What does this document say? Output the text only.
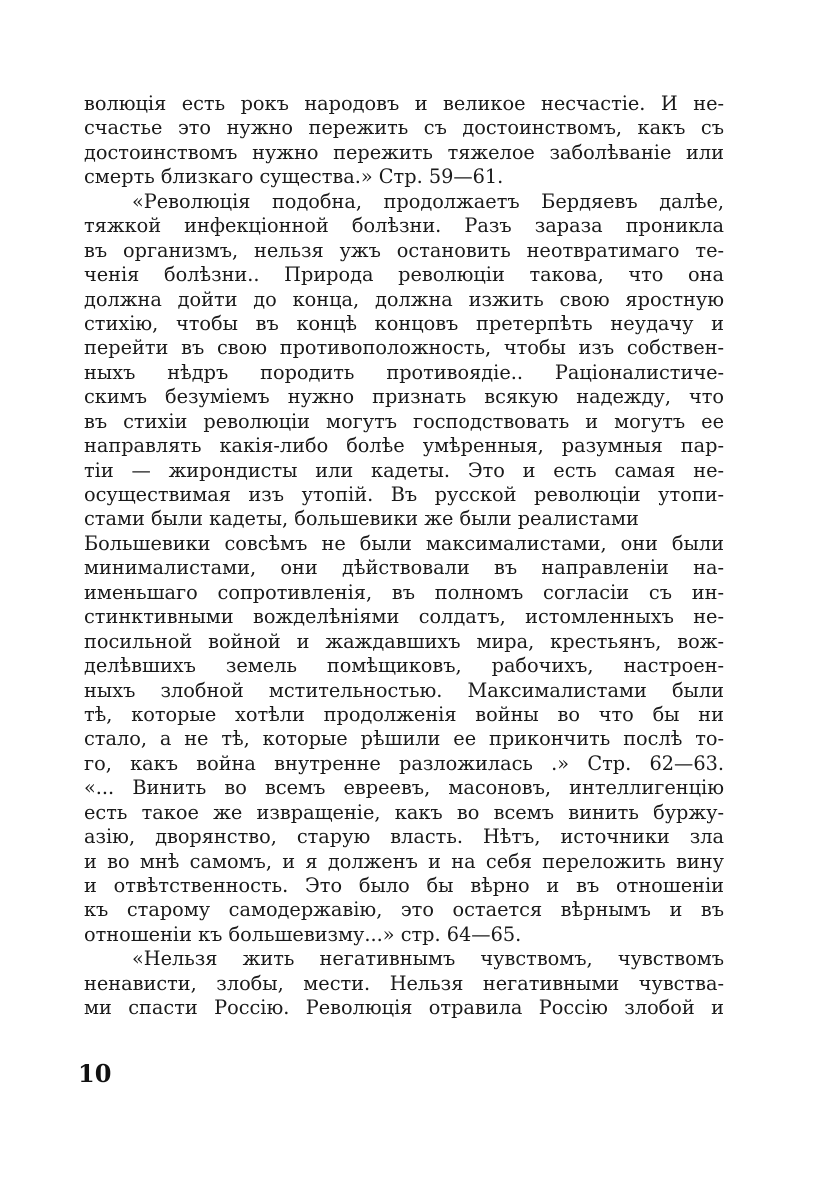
волюція есть рокъ народовъ и великое несчастіе. И не-
счастье это нужно пережить съ достоинствомъ, какъ съ
достоинствомъ нужно пережить тяжелое заболѣваніе или
смерть близкаго существа.» Стр. 59—61.
«Революція подобна, продолжаетъ Бердяевъ далѣе,
тяжкой инфекціонной болѣзни. Разъ зараза проникла
въ организмъ, нельзя ужъ остановить неотвратимаго те-
ченія болѣзни.. Природа революціи такова, что она
должна дойти до конца, должна изжить свою яростную
стихію, чтобы въ концѣ концовъ претерпѣть неудачу и
перейти въ свою противоположность, чтобы изъ собствен-
ныхъ нѣдръ породить противоядіе.. Раціоналистиче-
скимъ безуміемъ нужно признать всякую надежду, что
въ стихіи революціи могутъ господствовать и могутъ ее
направлять какія-либо болѣе умѣренныя, разумныя пар-
тіи — жирондисты или кадеты. Это и есть самая не-
осуществимая изъ утопій. Въ русской революціи утопи-
стами были кадеты, большевики же были реалистами
Большевики совсѣмъ не были максималистами, они были
минималистами, они дѣйствовали въ направленіи на-
именьшаго сопротивленія, въ полномъ согласіи съ ин-
стинктивными вожделѣніями солдатъ, истомленныхъ не-
посильной войной и жаждавшихъ мира, крестьянъ, вож-
делѣвшихъ земель помѣщиковъ, рабочихъ, настроен-
ныхъ злобной мстительностью. Максималистами были
тѣ, которые хотѣли продолженія войны во что бы ни
стало, а не тѣ, которые рѣшили ее прикончить послѣ то-
го, какъ война внутренне разложилась .» Стр. 62—63.
«... Винить во всемъ евреевъ, масоновъ, интеллигенцію
есть такое же извращеніе, какъ во всемъ винить буржу-
азію, дворянство, старую власть. Нѣтъ, источники зла
и во мнѣ самомъ, и я долженъ и на себя переложить вину
и отвѣтственность. Это было бы вѣрно и въ отношеніи
къ старому самодержавію, это остается вѣрнымъ и въ
отношеніи къ большевизму...» стр. 64—65.
«Нельзя жить негативнымъ чувствомъ, чувствомъ
ненависти, злобы, мести. Нельзя негативными чувства-
ми спасти Россію. Революція отравила Россію злобой и
10
